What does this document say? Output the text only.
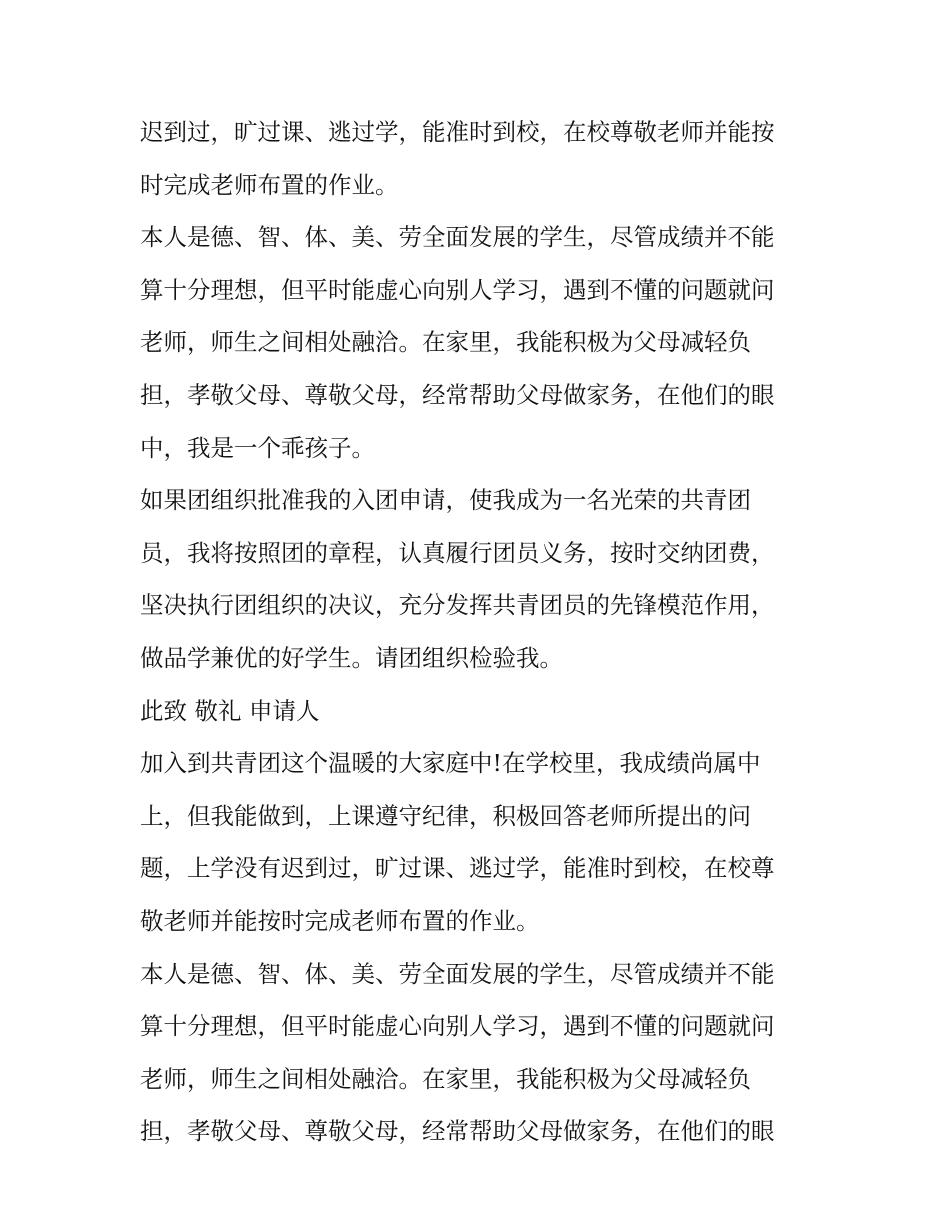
迟到过，旷过课、逃过学，能准时到校，在校尊敬老师并能按
时完成老师布置的作业。
本人是德、智、体、美、劳全面发展的学生，尽管成绩并不能
算十分理想，但平时能虚心向别人学习，遇到不懂的问题就问
老师，师生之间相处融洽。在家里，我能积极为父母减轻负
担，孝敬父母、尊敬父母，经常帮助父母做家务，在他们的眼
中，我是一个乖孩子。
如果团组织批准我的入团申请，使我成为一名光荣的共青团
员，我将按照团的章程，认真履行团员义务，按时交纳团费，
坚决执行团组织的决议，充分发挥共青团员的先锋模范作用，
做品学兼优的好学生。请团组织检验我。
此致 敬礼 申请人
加入到共青团这个温暖的大家庭中!在学校里，我成绩尚属中
上，但我能做到，上课遵守纪律，积极回答老师所提出的问
题，上学没有迟到过，旷过课、逃过学，能准时到校，在校尊
敬老师并能按时完成老师布置的作业。
本人是德、智、体、美、劳全面发展的学生，尽管成绩并不能
算十分理想，但平时能虚心向别人学习，遇到不懂的问题就问
老师，师生之间相处融洽。在家里，我能积极为父母减轻负
担，孝敬父母、尊敬父母，经常帮助父母做家务，在他们的眼
